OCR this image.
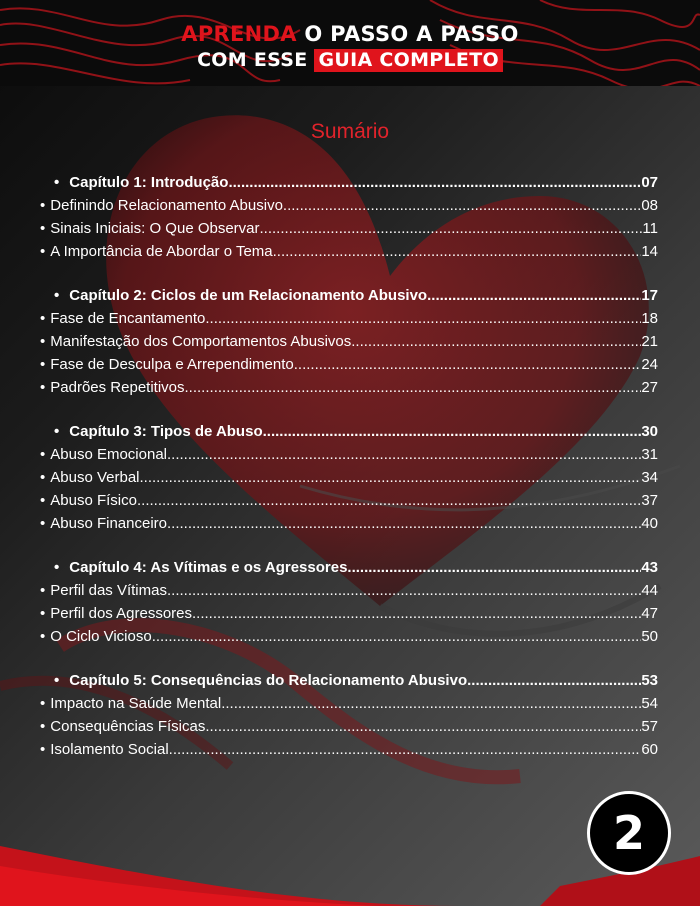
APRENDA O PASSO A PASSO
COM ESSE GUIA COMPLETO
Sumário
• Capítulo 1: Introdução .....	07
• Definindo Relacionamento Abusivo .....	08
• Sinais Iniciais: O Que Observar .....	11
• A Importância de Abordar o Tema .....	14
• Capítulo 2: Ciclos de um Relacionamento Abusivo .....	17
• Fase de Encantamento .....	18
• Manifestação dos Comportamentos Abusivos .....	21
• Fase de Desculpa e Arrependimento .....	24
• Padrões Repetitivos .....	27
• Capítulo 3: Tipos de Abuso .....	30
• Abuso Emocional .....	31
• Abuso Verbal .....	34
• Abuso Físico .....	37
• Abuso Financeiro .....	40
• Capítulo 4: As Vítimas e os Agressores .....	43
• Perfil das Vítimas .....	44
• Perfil dos Agressores .....	47
• O Ciclo Vicioso .....	50
• Capítulo 5: Consequências do Relacionamento Abusivo .....	53
• Impacto na Saúde Mental .....	54
• Consequências Físicas .....	57
• Isolamento Social .....	60
2
